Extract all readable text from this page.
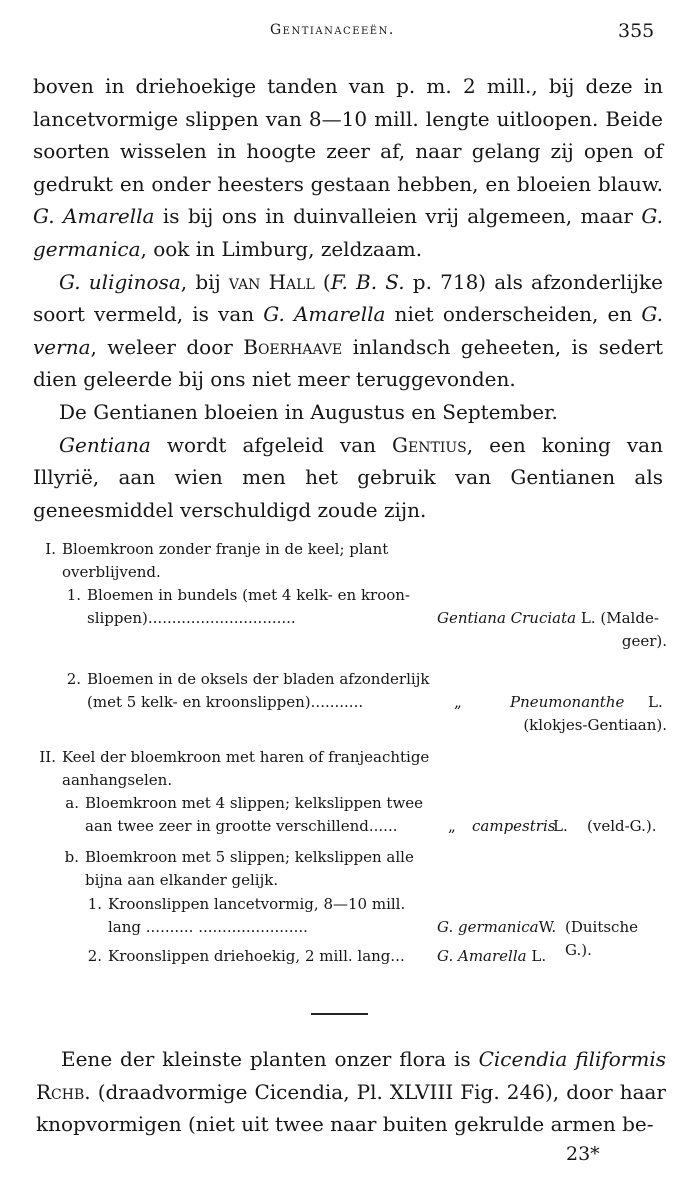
Gentianaceeën.	355

boven in driehoekige tanden van p. m. 2 mill., bij deze in lancetvormige slippen van 8—10 mill. lengte uitloopen. Beide soorten wisselen in hoogte zeer af, naar gelang zij open of gedrukt en onder heesters gestaan hebben, en bloeien blauw. G. Amarella is bij ons in duinvalleien vrij algemeen, maar G. germanica, ook in Limburg, zeldzaam.

G. uliginosa, bij van Hall (F. B. S. p. 718) als afzonderlijke soort vermeld, is van G. Amarella niet onderscheiden, en G. verna, weleer door Boerhaave inlandsch geheeten, is sedert dien geleerde bij ons niet meer teruggevonden.

De Gentianen bloeien in Augustus en September.

Gentiana wordt afgeleid van Gentius, een koning van Illyrië, aan wien men het gebruik van Gentianen als geneesmiddel verschuldigd zoude zijn.

I. Bloemkroon zonder franje in de keel; plant
overblijvend.
1. Bloemen in bundels (met 4 kelk- en kroon-
slippen)...............................	Gentiana Cruciata L. (Malde-
geer).
2. Bloemen in de oksels der bladen afzonderlijk
(met 5 kelk- en kroonslippen)...........	„	Pneumonanthe L.
(klokjes-Gentiaan).
II. Keel der bloemkroon met haren of franjeachtige
aanhangselen.
a. Bloemkroon met 4 slippen; kelkslippen twee
aan twee zeer in grootte verschillend......	„ campestris
L. (veld-G.).
b. Bloemkroon met 5 slippen; kelkslippen alle
bijna aan elkander gelijk.
1. Kroonslippen lancetvormig, 8—10 mill.
lang .......... .......................	G. germanicaW. (Duitsche G.).
2. Kroonslippen driehoekig, 2 mill. lang...	G. Amarella L.

Eene der kleinste planten onzer flora is Cicendia filiformis Rchb. (draadvormige Cicendia, Pl. XLVIII Fig. 246), door haar knopvormigen (niet uit twee naar buiten gekrulde armen be-

23*
